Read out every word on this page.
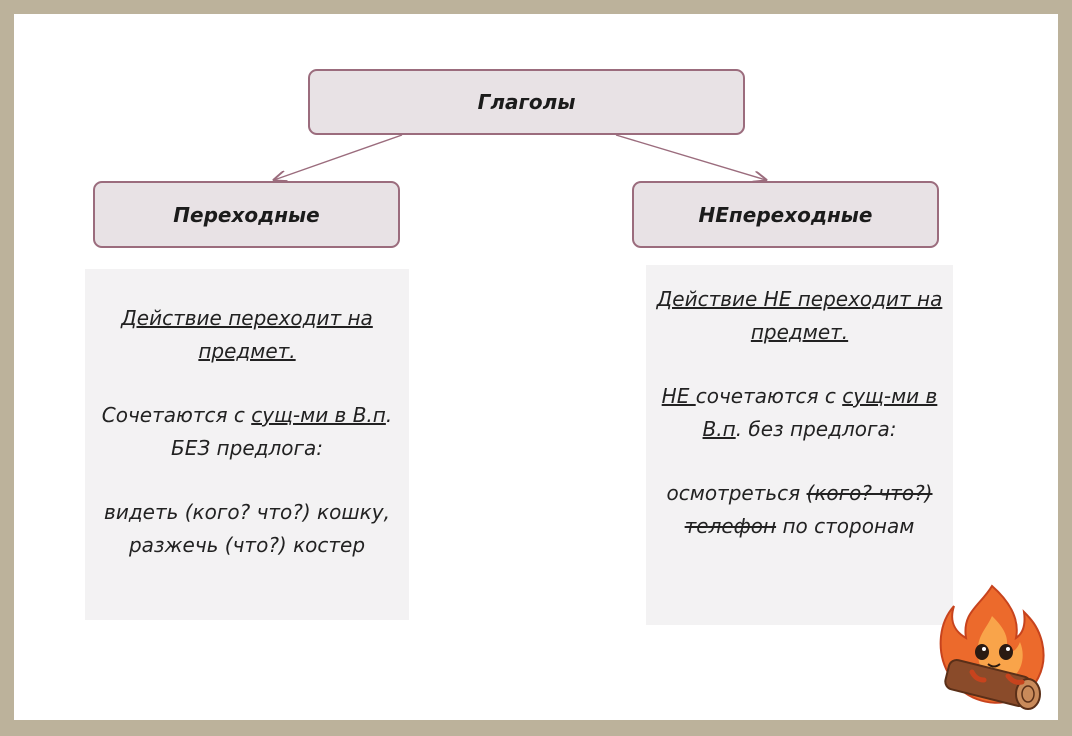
Глаголы
Переходные	НЕпереходные

Действие переходит на предмет.

Сочетаются с сущ-ми в В.п. БЕЗ предлога:

видеть (кого? что?) кошку, разжечь (что?) костер

Действие НЕ переходит на предмет.

НЕ сочетаются с сущ-ми в В.п. без предлога:

осмотреться (кого? что?) телефон по сторонам
